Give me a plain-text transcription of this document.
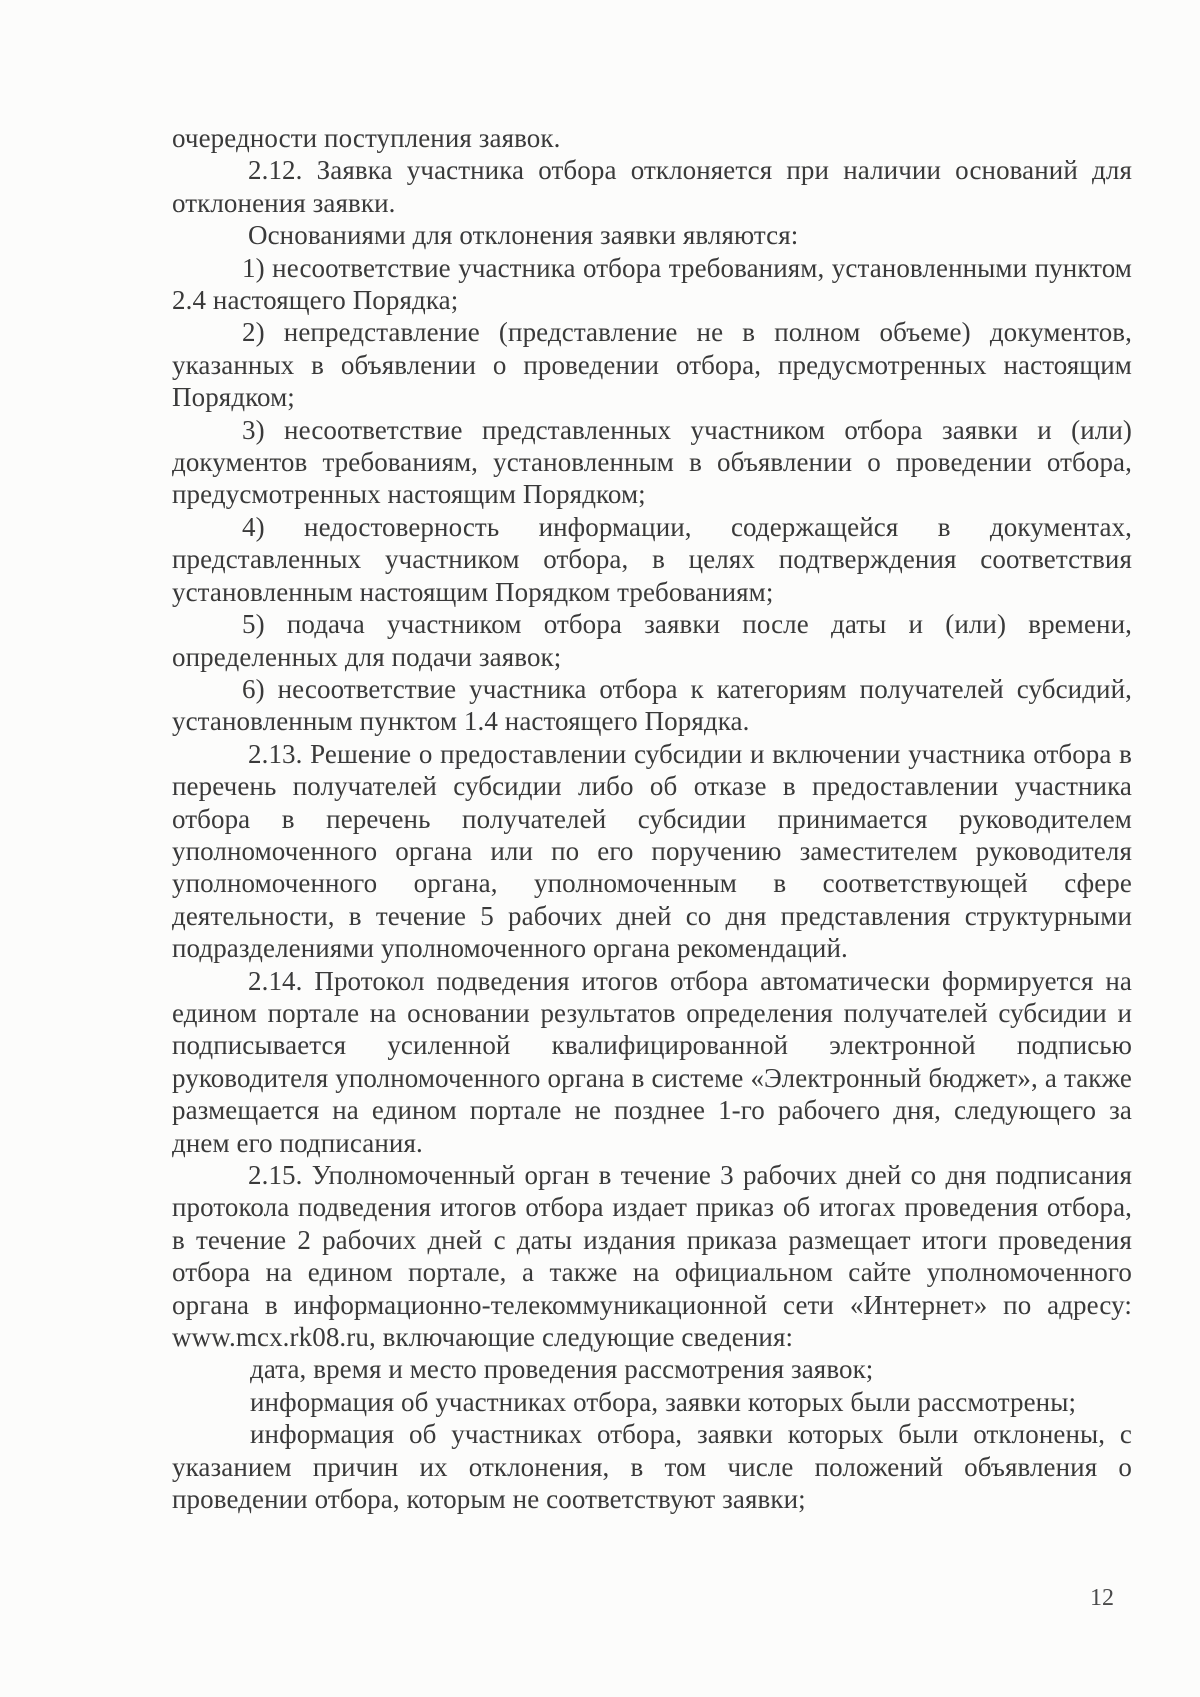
очередности поступления заявок.

2.12. Заявка участника отбора отклоняется при наличии оснований для отклонения заявки.

Основаниями для отклонения заявки являются:

1) несоответствие участника отбора требованиям, установленными пунктом 2.4 настоящего Порядка;

2) непредставление (представление не в полном объеме) документов, указанных в объявлении о проведении отбора, предусмотренных настоящим Порядком;

3) несоответствие представленных участником отбора заявки и (или) документов требованиям, установленным в объявлении о проведении отбора, предусмотренных настоящим Порядком;

4) недостоверность информации, содержащейся в документах, представленных участником отбора, в целях подтверждения соответствия установленным настоящим Порядком требованиям;

5) подача участником отбора заявки после даты и (или) времени, определенных для подачи заявок;

6) несоответствие участника отбора к категориям получателей субсидий, установленным пунктом 1.4 настоящего Порядка.

2.13. Решение о предоставлении субсидии и включении участника отбора в перечень получателей субсидии либо об отказе в предоставлении участника отбора в перечень получателей субсидии принимается руководителем уполномоченного органа или по его поручению заместителем руководителя уполномоченного органа, уполномоченным в соответствующей сфере деятельности, в течение 5 рабочих дней со дня представления структурными подразделениями уполномоченного органа рекомендаций.

2.14. Протокол подведения итогов отбора автоматически формируется на едином портале на основании результатов определения получателей субсидии и подписывается усиленной квалифицированной электронной подписью руководителя уполномоченного органа в системе «Электронный бюджет», а также размещается на едином портале не позднее 1-го рабочего дня, следующего за днем его подписания.

2.15. Уполномоченный орган в течение 3 рабочих дней со дня подписания протокола подведения итогов отбора издает приказ об итогах проведения отбора, в течение 2 рабочих дней с даты издания приказа размещает итоги проведения отбора на едином портале, а также на официальном сайте уполномоченного органа в информационно-телекоммуникационной сети «Интернет» по адресу: www.mcx.rk08.ru, включающие следующие сведения:

дата, время и место проведения рассмотрения заявок;

информация об участниках отбора, заявки которых были рассмотрены;

информация об участниках отбора, заявки которых были отклонены, с указанием причин их отклонения, в том числе положений объявления о проведении отбора, которым не соответствуют заявки;

12
